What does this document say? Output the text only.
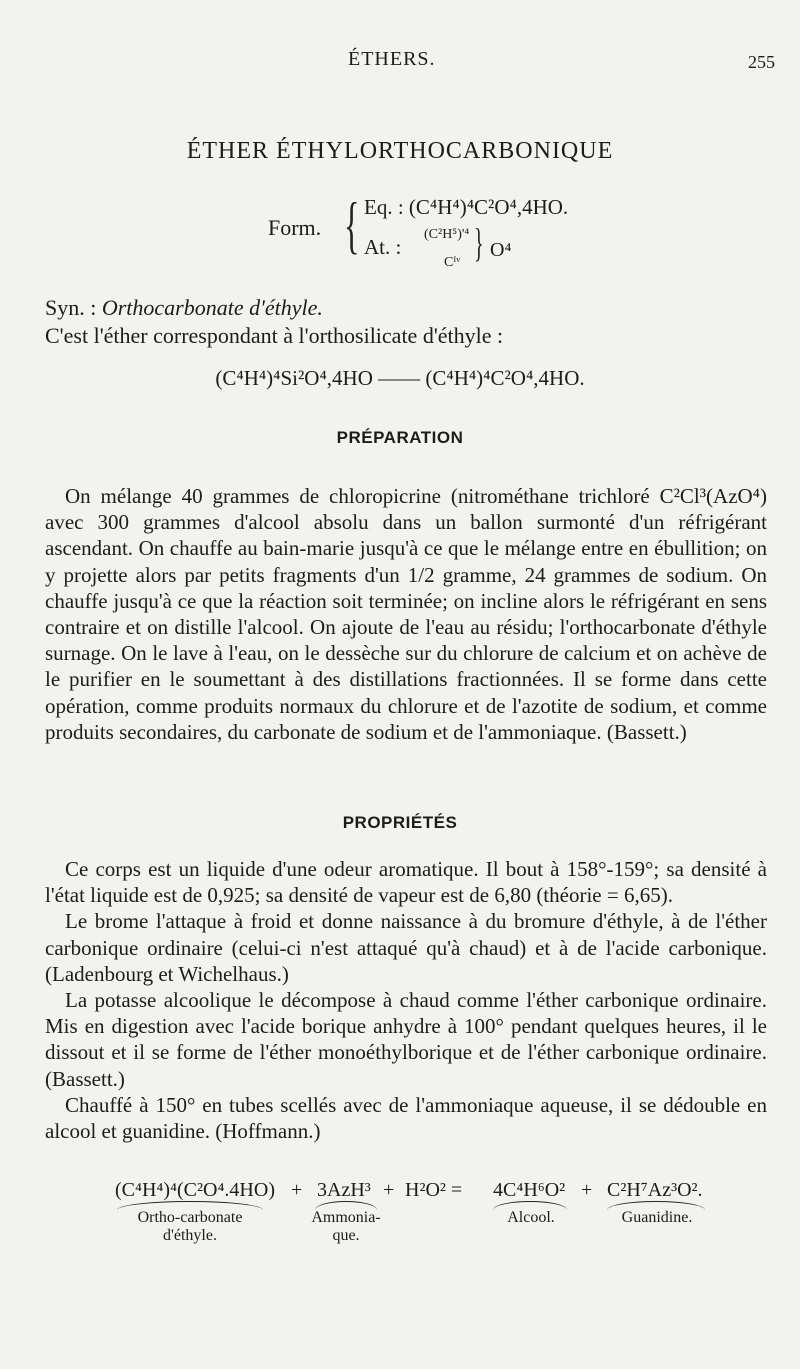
ÉTHERS.	255
ÉTHER ÉTHYLORTHOCARBONIQUE
Form. { Eq. : (C⁴H⁴)⁴C²O⁴,4HO.
At. :
(C²H⁵)'⁴
Cᴵᵛ } O⁴
Syn. : Orthocarbonate d'éthyle.
C'est l'éther correspondant à l'orthosilicate d'éthyle :
(C⁴H⁴)⁴Si²O⁴,4HO —— (C⁴H⁴)⁴C²O⁴,4HO.
PRÉPARATION

On mélange 40 grammes de chloropicrine (nitrométhane trichloré C²Cl³(AzO⁴) avec 300 grammes d'alcool absolu dans un ballon surmonté d'un réfrigérant ascendant. On chauffe au bain-marie jusqu'à ce que le mélange entre en ébullition; on y projette alors par petits fragments d'un 1/2 gramme, 24 grammes de sodium. On chauffe jusqu'à ce que la réaction soit terminée; on incline alors le réfrigérant en sens contraire et on distille l'alcool. On ajoute de l'eau au résidu; l'orthocarbonate d'éthyle surnage. On le lave à l'eau, on le dessèche sur du chlorure de calcium et on achève de le purifier en le soumettant à des distillations fractionnées. Il se forme dans cette opération, comme produits normaux du chlorure et de l'azotite de sodium, et comme produits secondaires, du carbonate de sodium et de l'ammoniaque. (Bassett.)

PROPRIÉTÉS

Ce corps est un liquide d'une odeur aromatique. Il bout à 158°-159°; sa densité à l'état liquide est de 0,925; sa densité de vapeur est de 6,80 (théorie = 6,65).

Le brome l'attaque à froid et donne naissance à du bromure d'éthyle, à de l'éther carbonique ordinaire (celui-ci n'est attaqué qu'à chaud) et à de l'acide carbonique. (Ladenbourg et Wichelhaus.)

La potasse alcoolique le décompose à chaud comme l'éther carbonique ordinaire. Mis en digestion avec l'acide borique anhydre à 100° pendant quelques heures, il le dissout et il se forme de l'éther monoéthylborique et de l'éther carbonique ordinaire. (Bassett.)

Chauffé à 150° en tubes scellés avec de l'ammoniaque aqueuse, il se dédouble en alcool et guanidine. (Hoffmann.)

(C⁴H⁴)⁴(C²O⁴.4HO) + 3AzH³ + H²O² = 4C⁴H⁶O² + C²H⁷Az³O².
Ortho-carbonate
d'éthyle.
Ammonia-
que.
Alcool.	Guanidine.
